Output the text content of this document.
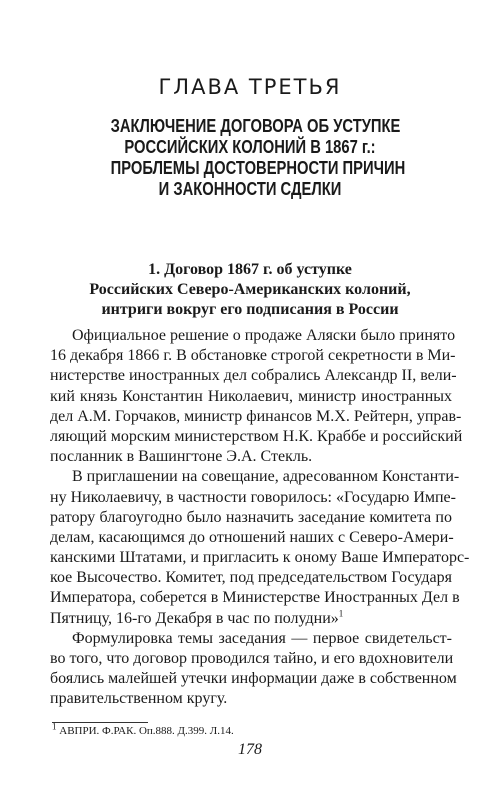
ГЛАВА ТРЕТЬЯ
ЗАКЛЮЧЕНИЕ ДОГОВОРА ОБ УСТУПКЕ
РОССИЙСКИХ КОЛОНИЙ В 1867 г.:
ПРОБЛЕМЫ ДОСТОВЕРНОСТИ ПРИЧИН
И ЗАКОННОСТИ СДЕЛКИ
1. Договор 1867 г. об уступке
Российских Северо-Американских колоний,
интриги вокруг его подписания в России
Официальное решение о продаже Аляски было принято
16 декабря 1866 г. В обстановке строгой секретности в Ми-
нистерстве иностранных дел собрались Александр II, вели-
кий князь Константин Николаевич, министр иностранных
дел А.М. Горчаков, министр финансов М.Х. Рейтерн, управ-
ляющий морским министерством Н.К. Краббе и российский
посланник в Вашингтоне Э.А. Стекль.
В приглашении на совещание, адресованном Константи-
ну Николаевичу, в частности говорилось: «Государю Импе-
ратору благоугодно было назначить заседание комитета по
делам, касающимся до отношений наших с Северо-Амери-
канскими Штатами, и пригласить к оному Ваше Императорс-
кое Высочество. Комитет, под председательством Государя
Императора, соберется в Министерстве Иностранных Дел в
Пятницу, 16-го Декабря в час по полудни»$^1$
Формулировка темы заседания — первое свидетельст-
во того, что договор проводился тайно, и его вдохновители
боялись малейшей утечки информации даже в собственном
правительственном кругу.
$^1$ АВПРИ. Ф.РАК. Оп.888. Д.399. Л.14.
178
